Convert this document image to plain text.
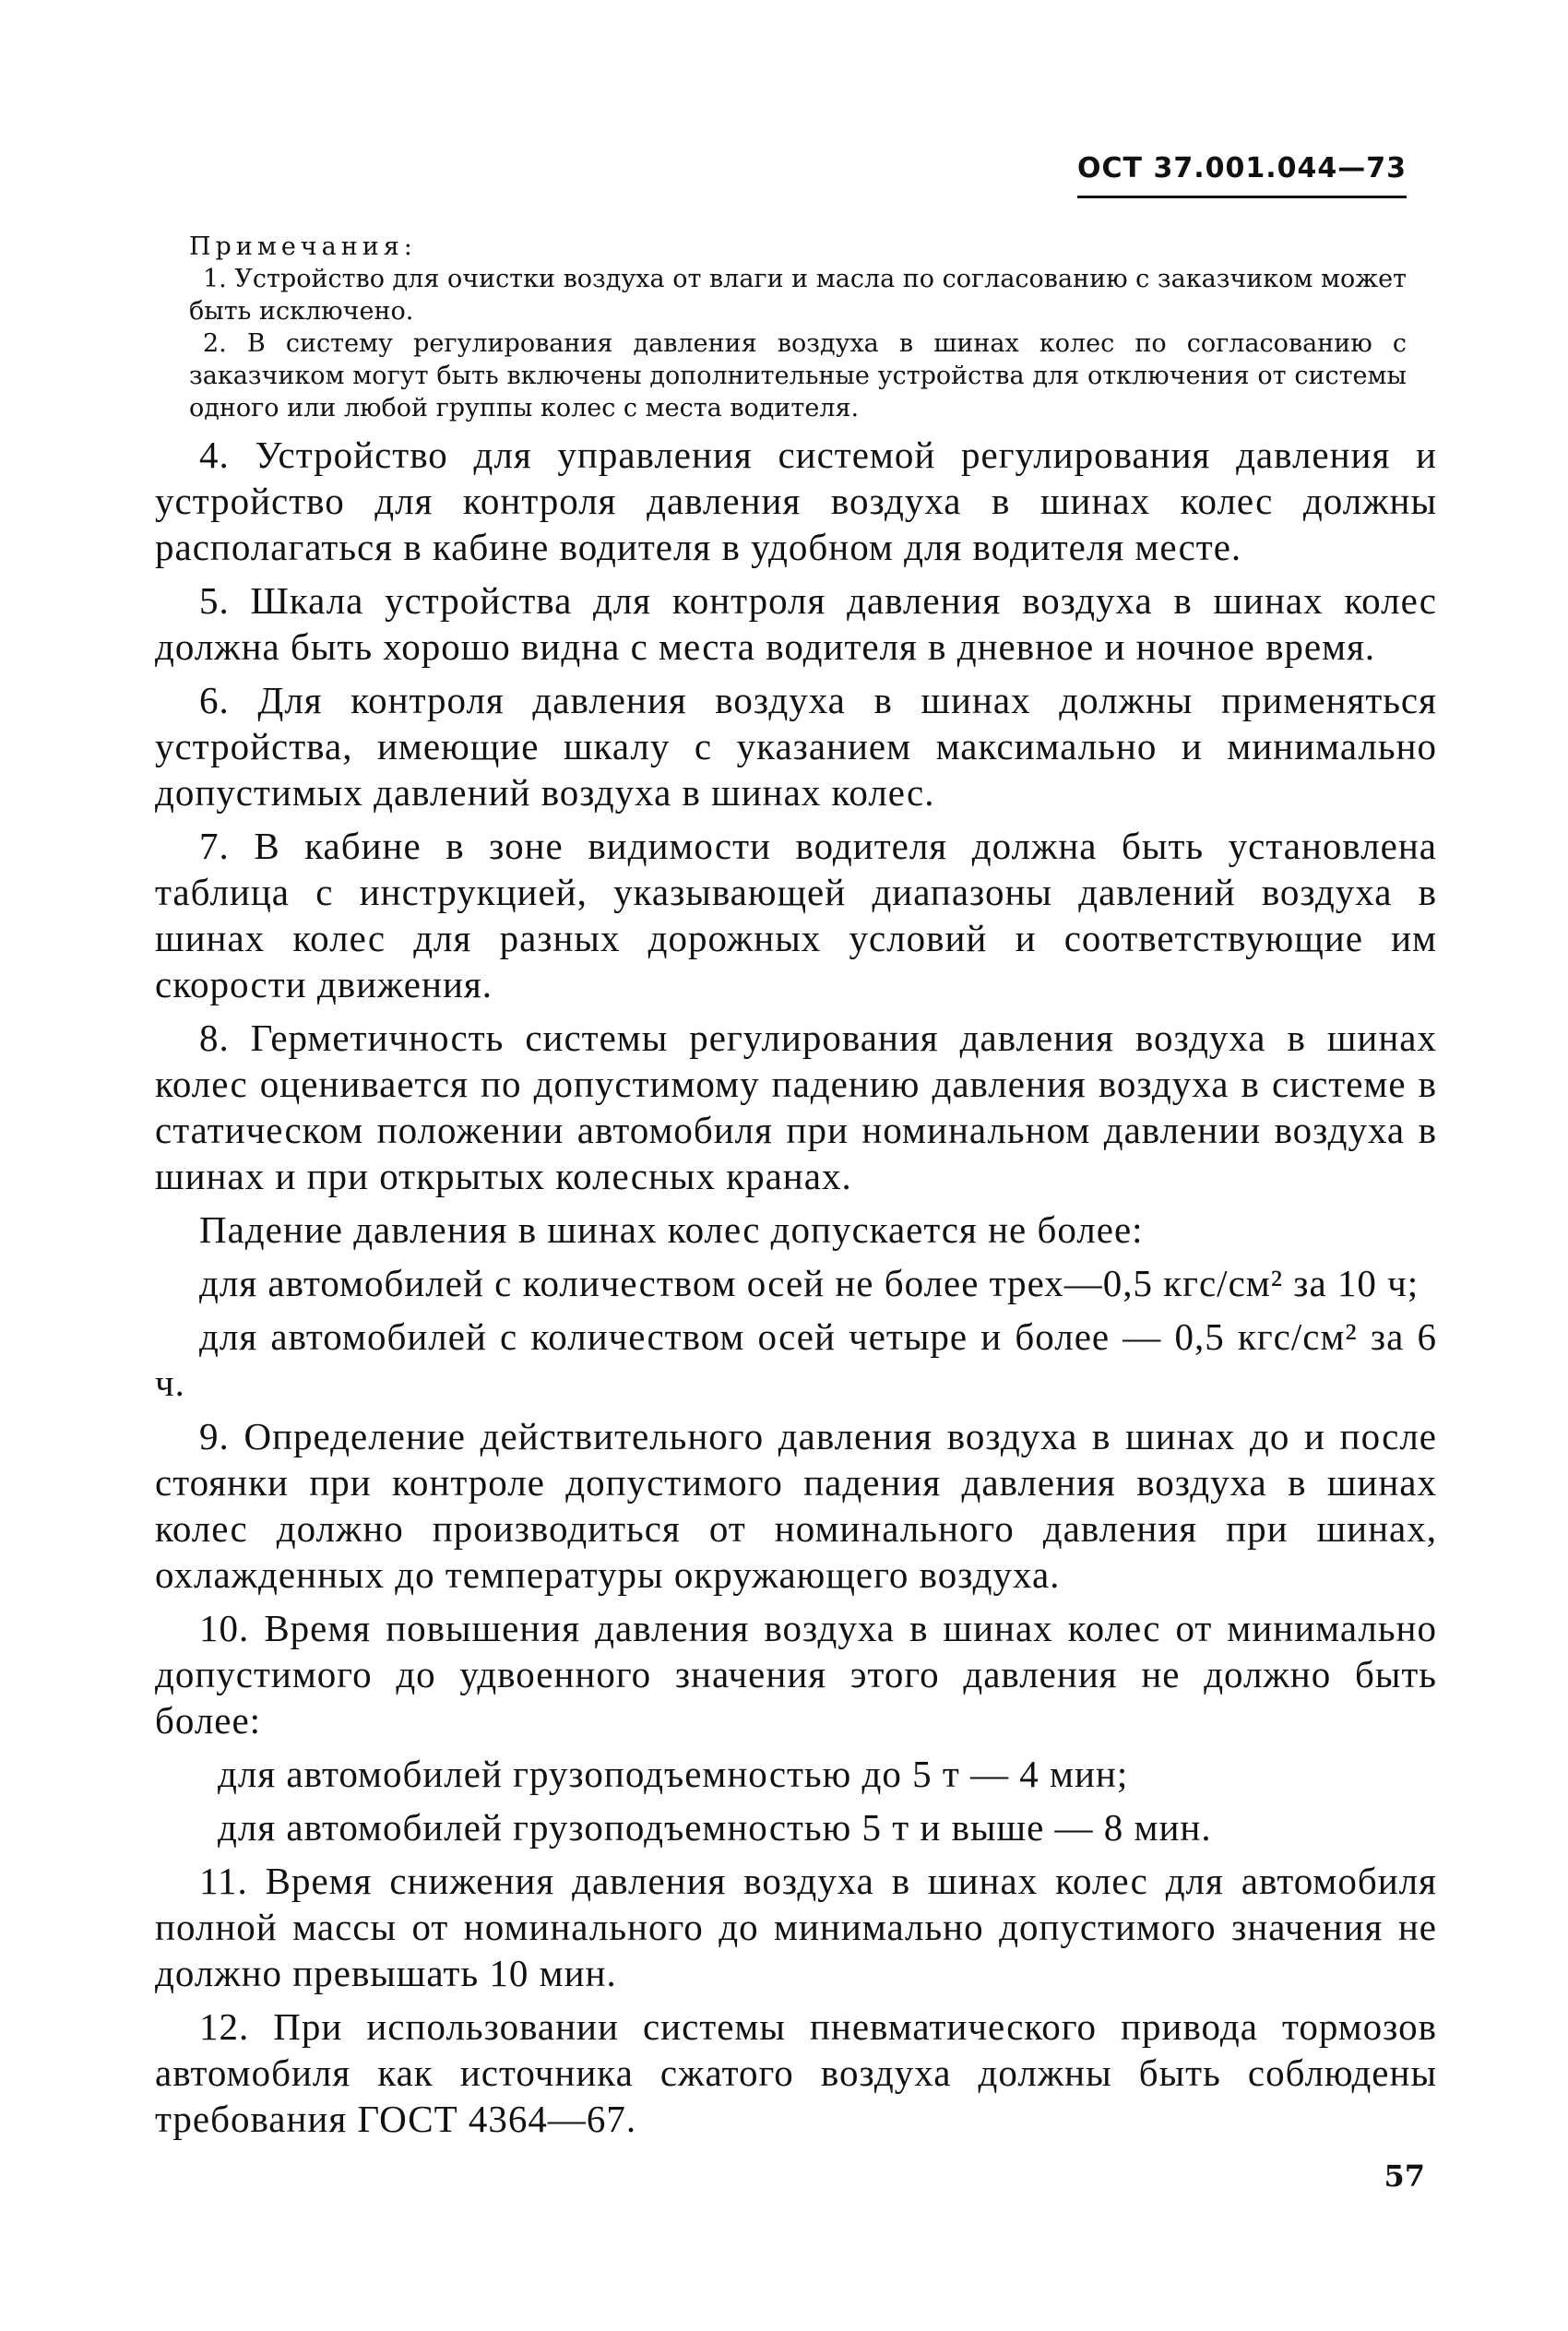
ОСТ 37.001.044—73
Примечания:

1. Устройство для очистки воздуха от влаги и масла по согласованию с заказчиком может быть исключено.

2. В систему регулирования давления воздуха в шинах колес по согласованию с заказчиком могут быть включены дополнительные устройства для отключения от системы одного или любой группы колес с места водителя.

4. Устройство для управления системой регулирования давления и устройство для контроля давления воздуха в шинах колес должны располагаться в кабине водителя в удобном для водителя месте.

5. Шкала устройства для контроля давления воздуха в шинах колес должна быть хорошо видна с места водителя в дневное и ночное время.

6. Для контроля давления воздуха в шинах должны применяться устройства, имеющие шкалу с указанием максимально и минимально допустимых давлений воздуха в шинах колес.

7. В кабине в зоне видимости водителя должна быть установлена таблица с инструкцией, указывающей диапазоны давлений воздуха в шинах колес для разных дорожных условий и соответствующие им скорости движения.

8. Герметичность системы регулирования давления воздуха в шинах колес оценивается по допустимому падению давления воздуха в системе в статическом положении автомобиля при номинальном давлении воздуха в шинах и при открытых колесных кранах.

Падение давления в шинах колес допускается не более:

для автомобилей с количеством осей не более трех—0,5 кгс/см² за 10 ч;

для автомобилей с количеством осей четыре и более — 0,5 кгс/см² за 6 ч.

9. Определение действительного давления воздуха в шинах до и после стоянки при контроле допустимого падения давления воздуха в шинах колес должно производиться от номинального давления при шинах, охлажденных до температуры окружающего воздуха.

10. Время повышения давления воздуха в шинах колес от минимально допустимого до удвоенного значения этого давления не должно быть более:

для автомобилей грузоподъемностью до 5 т — 4 мин;

для автомобилей грузоподъемностью 5 т и выше — 8 мин.

11. Время снижения давления воздуха в шинах колес для автомобиля полной массы от номинального до минимально допустимого значения не должно превышать 10 мин.

12. При использовании системы пневматического привода тормозов автомобиля как источника сжатого воздуха должны быть соблюдены требования ГОСТ 4364—67.

57
